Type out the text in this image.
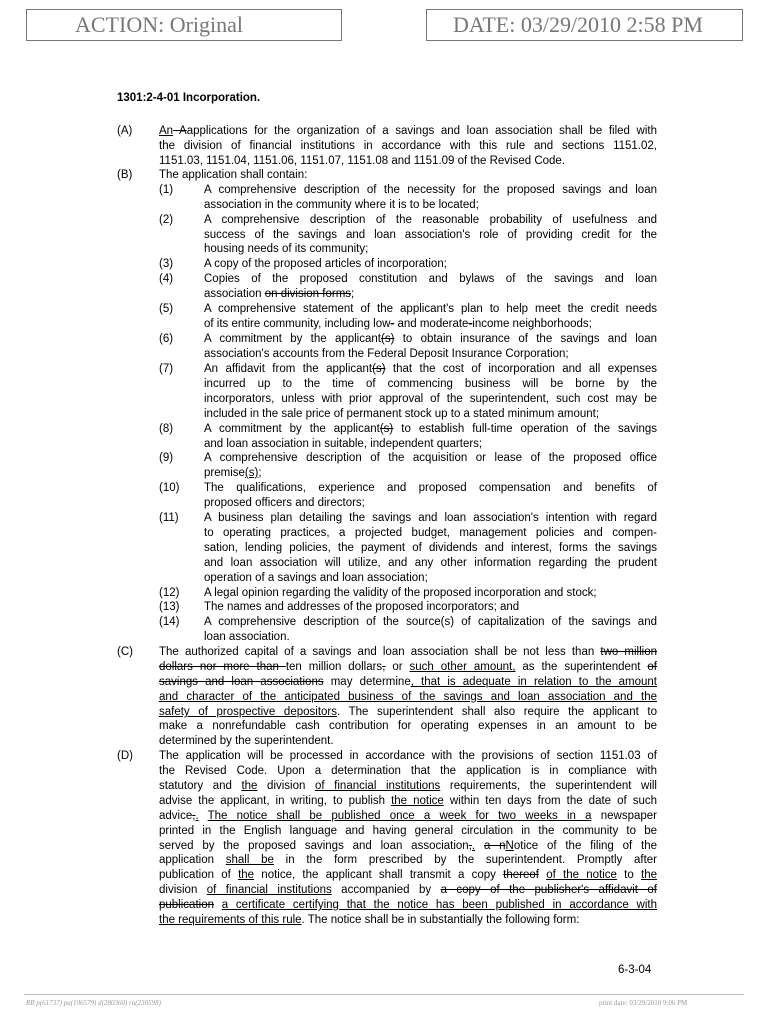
ACTION: Original	DATE: 03/29/2010 2:58 PM
1301:2-4-01 Incorporation.
(A) An Aapplications for the organization of a savings and loan association shall be filed with
the division of financial institutions in accordance with this rule and sections 1151.02,
1151.03, 1151.04, 1151.06, 1151.07, 1151.08 and 1151.09 of the Revised Code.
(B) The application shall contain:
(1)	A comprehensive description of the necessity for the proposed savings and loan
association in the community where it is to be located;
(2)	A comprehensive description of the reasonable probability of usefulness and
success of the savings and loan association's role of providing credit for the
housing needs of its community;
(3)	A copy of the proposed articles of incorporation;
(4)	Copies of the proposed constitution and bylaws of the savings and loan
association on division forms;
(5)	A comprehensive statement of the applicant's plan to help meet the credit needs
of its entire community, including low- and moderate-income neighborhoods;
(6)	A commitment by the applicant(s) to obtain insurance of the savings and loan
association's accounts from the Federal Deposit Insurance Corporation;
(7)	An affidavit from the applicant(s) that the cost of incorporation and all expenses
incurred up to the time of commencing business will be borne by the
incorporators, unless with prior approval of the superintendent, such cost may be
included in the sale price of permanent stock up to a stated minimum amount;
(8)	A commitment by the applicant(s) to establish full-time operation of the savings
and loan association in suitable, independent quarters;
(9)	A comprehensive description of the acquisition or lease of the proposed office
premise(s);
(10) The qualifications, experience and proposed compensation and benefits of
proposed officers and directors;
(11) A business plan detailing the savings and loan association's intention with regard
to operating practices, a projected budget, management policies and compen-
sation, lending policies, the payment of dividends and interest, forms the savings
and loan association will utilize, and any other information regarding the prudent
operation of a savings and loan association;
(12) A legal opinion regarding the validity of the proposed incorporation and stock;
(13) The names and addresses of the proposed incorporators; and
(14) A comprehensive description of the source(s) of capitalization of the savings and
loan association.
(C) The authorized capital of a savings and loan association shall be not less than two million
dollars nor more than ten million dollars, or such other amount, as the superintendent of
savings and loan associations may determine, that is adequate in relation to the amount
and character of the anticipated business of the savings and loan association and the
safety of prospective depositors. The superintendent shall also require the applicant to
make a nonrefundable cash contribution for operating expenses in an amount to be
determined by the superintendent.
(D) The application will be processed in accordance with the provisions of section 1151.03 of
the Revised Code. Upon a determination that the application is in compliance with
statutory and the division of financial institutions requirements, the superintendent will
advise the applicant, in writing, to publish the notice within ten days from the date of such
advice,. The notice shall be published once a week for two weeks in a newspaper
printed in the English language and having general circulation in the community to be
served by the proposed savings and loan association,. a nNotice of the filing of the
application shall be in the form prescribed by the superintendent. Promptly after
publication of the notice, the applicant shall transmit a copy thereof of the notice to the
division of financial institutions accompanied by a copy of the publisher's affidavit of
publication a certificate certifying that the notice has been published in accordance with
the requirements of this rule. The notice shall be in substantially the following form:
6-3-04
RB p(61737) pa(106579) d(280360) ra(230598)	print date: 03/29/2010 9:06 PM
